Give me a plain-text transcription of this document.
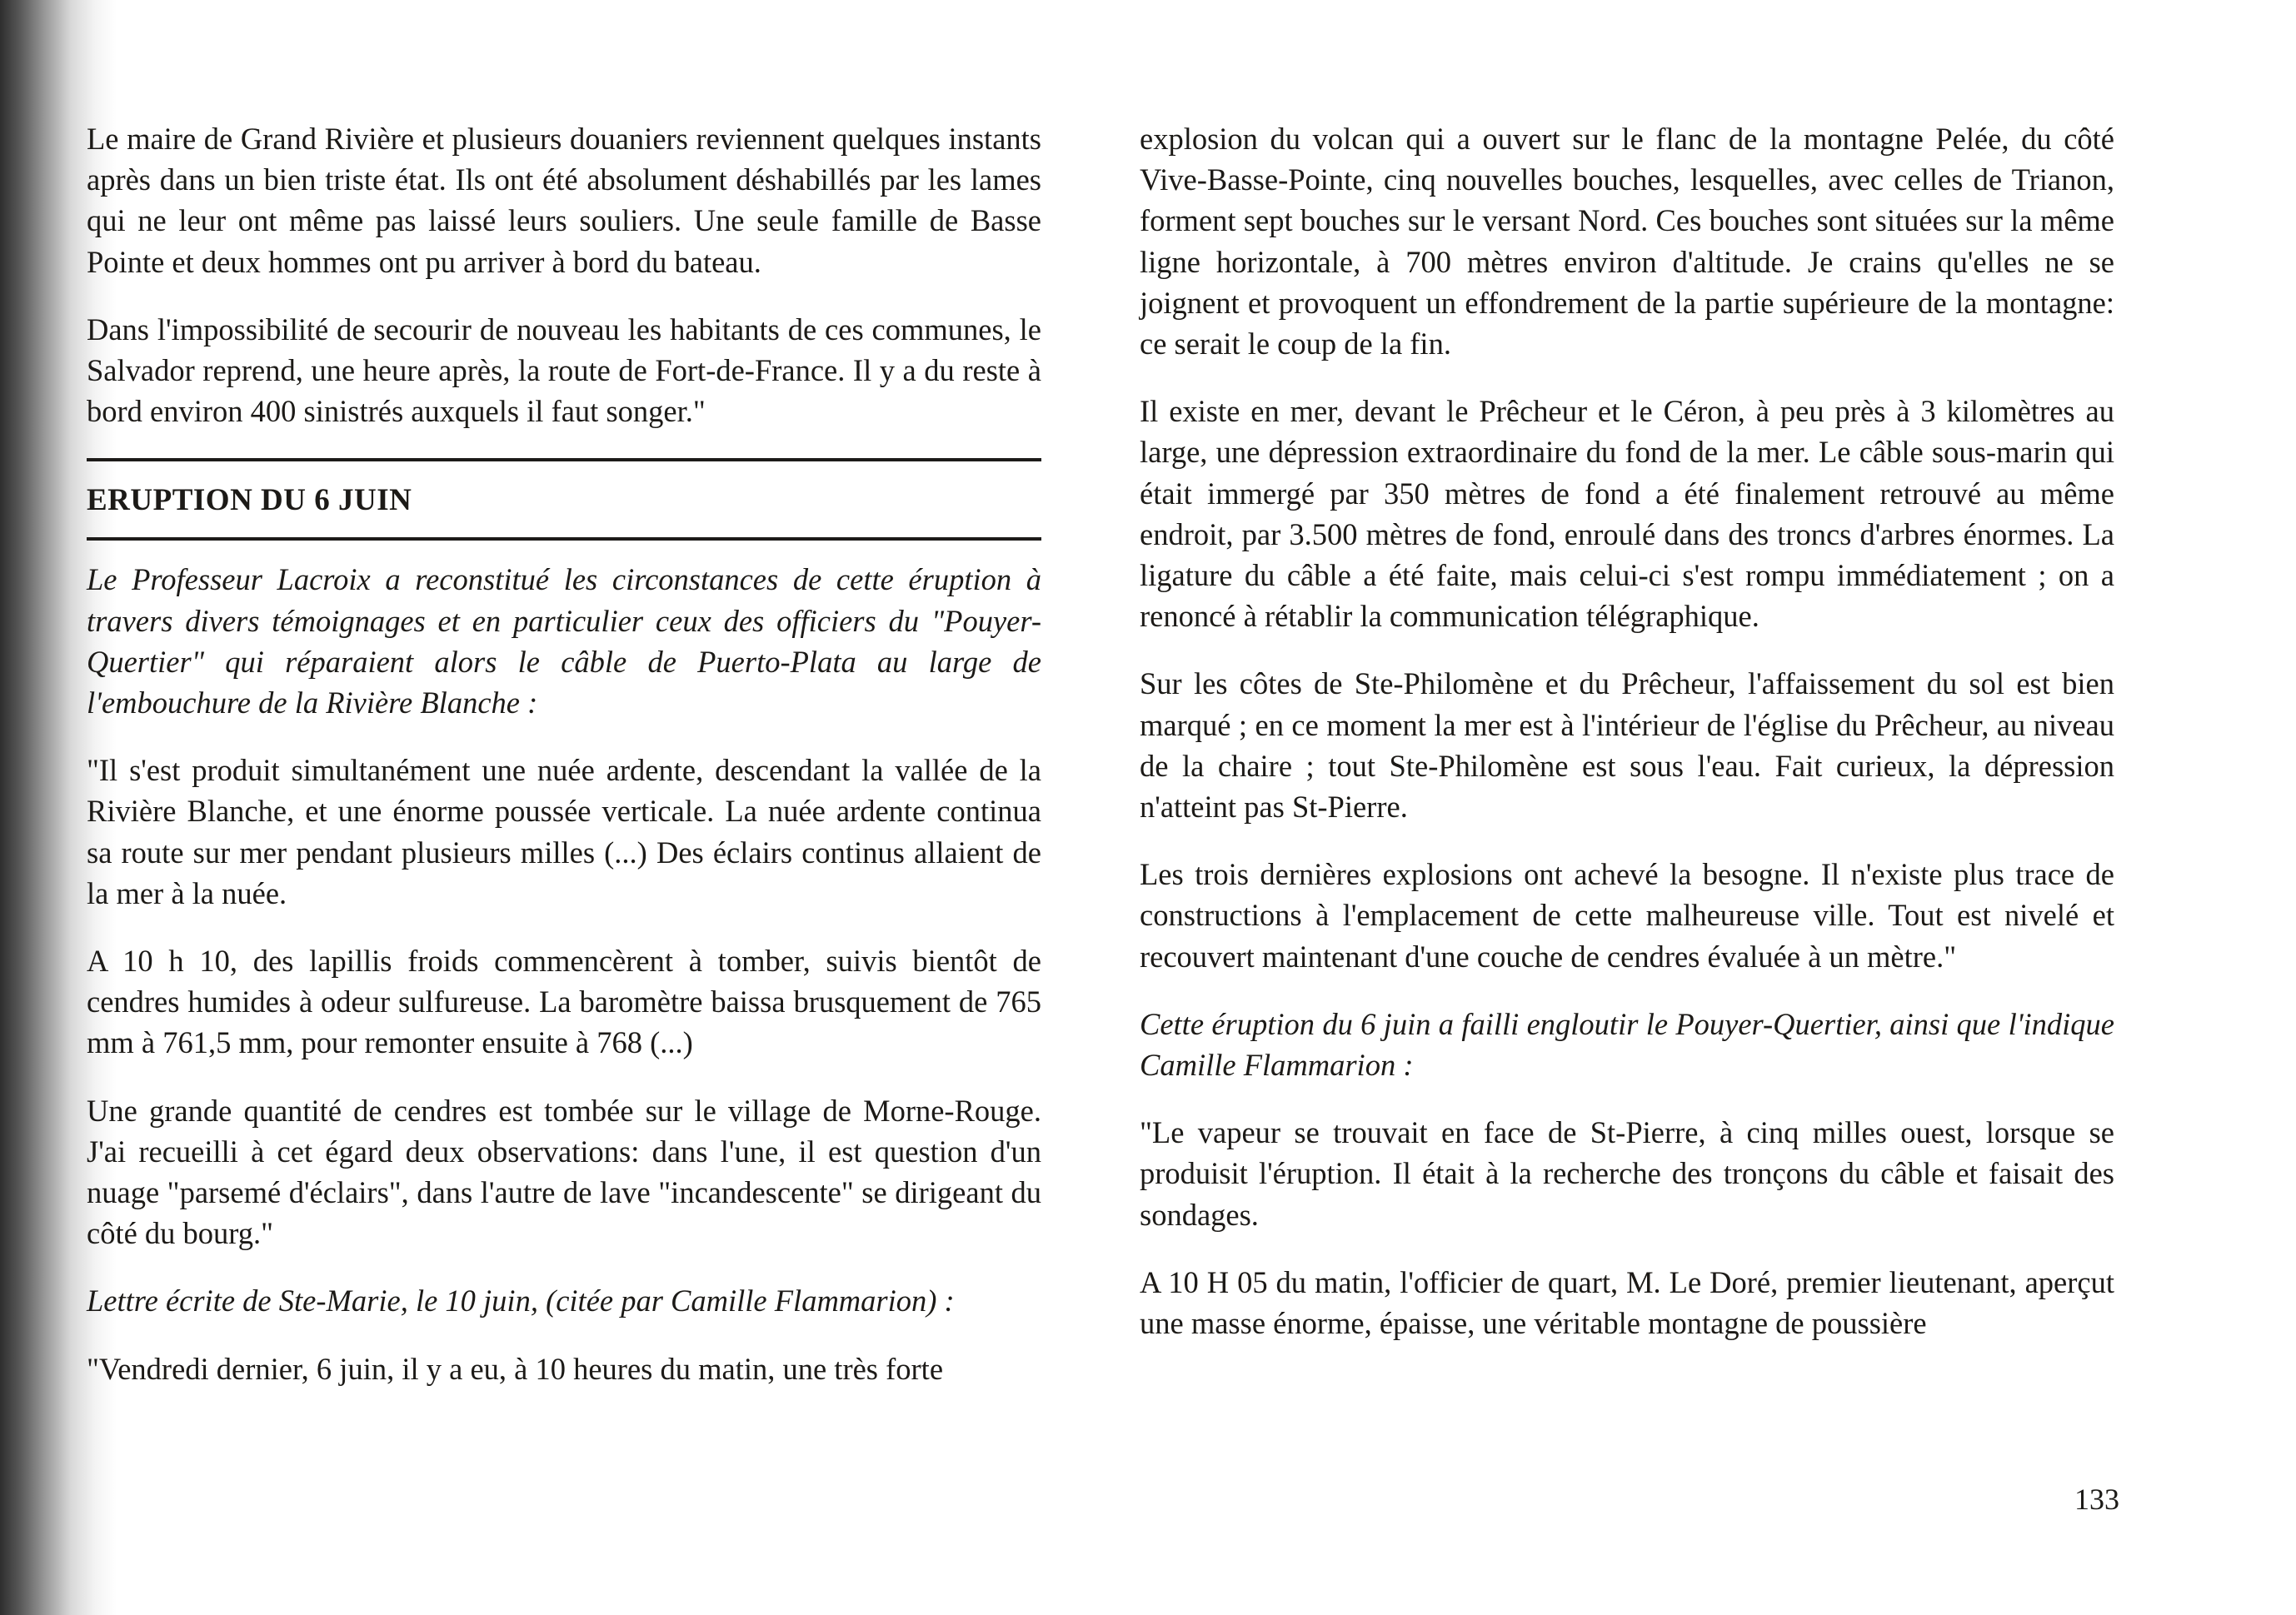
Le maire de Grand Rivière et plusieurs douaniers reviennent quelques instants après dans un bien triste état. Ils ont été absolument déshabillés par les lames qui ne leur ont même pas laissé leurs souliers. Une seule famille de Basse Pointe et deux hommes ont pu arriver à bord du bateau.

Dans l'impossibilité de secourir de nouveau les habitants de ces communes, le Salvador reprend, une heure après, la route de Fort-de-France. Il y a du reste à bord environ 400 sinistrés auxquels il faut songer."

ERUPTION DU 6 JUIN

Le Professeur Lacroix a reconstitué les circonstances de cette éruption à travers divers témoignages et en particulier ceux des officiers du "Pouyer-Quertier" qui réparaient alors le câble de Puerto-Plata au large de l'embouchure de la Rivière Blanche :

"Il s'est produit simultanément une nuée ardente, descendant la vallée de la Rivière Blanche, et une énorme poussée verticale. La nuée ardente continua sa route sur mer pendant plusieurs milles (...) Des éclairs continus allaient de la mer à la nuée.

A 10 h 10, des lapillis froids commencèrent à tomber, suivis bientôt de cendres humides à odeur sulfureuse. La baromètre baissa brusquement de 765 mm à 761,5 mm, pour remonter ensuite à 768 (...)

Une grande quantité de cendres est tombée sur le village de Morne-Rouge. J'ai recueilli à cet égard deux observations: dans l'une, il est question d'un nuage "parsemé d'éclairs", dans l'autre de lave "incandescente" se dirigeant du côté du bourg."

Lettre écrite de Ste-Marie, le 10 juin, (citée par Camille Flammarion) :

"Vendredi dernier, 6 juin, il y a eu, à 10 heures du matin, une très forte

explosion du volcan qui a ouvert sur le flanc de la montagne Pelée, du côté Vive-Basse-Pointe, cinq nouvelles bouches, lesquelles, avec celles de Trianon, forment sept bouches sur le versant Nord. Ces bouches sont situées sur la même ligne horizontale, à 700 mètres environ d'altitude. Je crains qu'elles ne se joignent et provoquent un effondrement de la partie supérieure de la montagne: ce serait le coup de la fin.

Il existe en mer, devant le Prêcheur et le Céron, à peu près à 3 kilomètres au large, une dépression extraordinaire du fond de la mer. Le câble sous-marin qui était immergé par 350 mètres de fond a été finalement retrouvé au même endroit, par 3.500 mètres de fond, enroulé dans des troncs d'arbres énormes. La ligature du câble a été faite, mais celui-ci s'est rompu immédiatement ; on a renoncé à rétablir la communication télégraphique.

Sur les côtes de Ste-Philomène et du Prêcheur, l'affaissement du sol est bien marqué ; en ce moment la mer est à l'intérieur de l'église du Prêcheur, au niveau de la chaire ; tout Ste-Philomène est sous l'eau. Fait curieux, la dépression n'atteint pas St-Pierre.

Les trois dernières explosions ont achevé la besogne. Il n'existe plus trace de constructions à l'emplacement de cette malheureuse ville. Tout est nivelé et recouvert maintenant d'une couche de cendres évaluée à un mètre."

Cette éruption du 6 juin a failli engloutir le Pouyer-Quertier, ainsi que l'indique Camille Flammarion :

"Le vapeur se trouvait en face de St-Pierre, à cinq milles ouest, lorsque se produisit l'éruption. Il était à la recherche des tronçons du câble et faisait des sondages.

A 10 H 05 du matin, l'officier de quart, M. Le Doré, premier lieutenant, aperçut une masse énorme, épaisse, une véritable montagne de poussière

133
